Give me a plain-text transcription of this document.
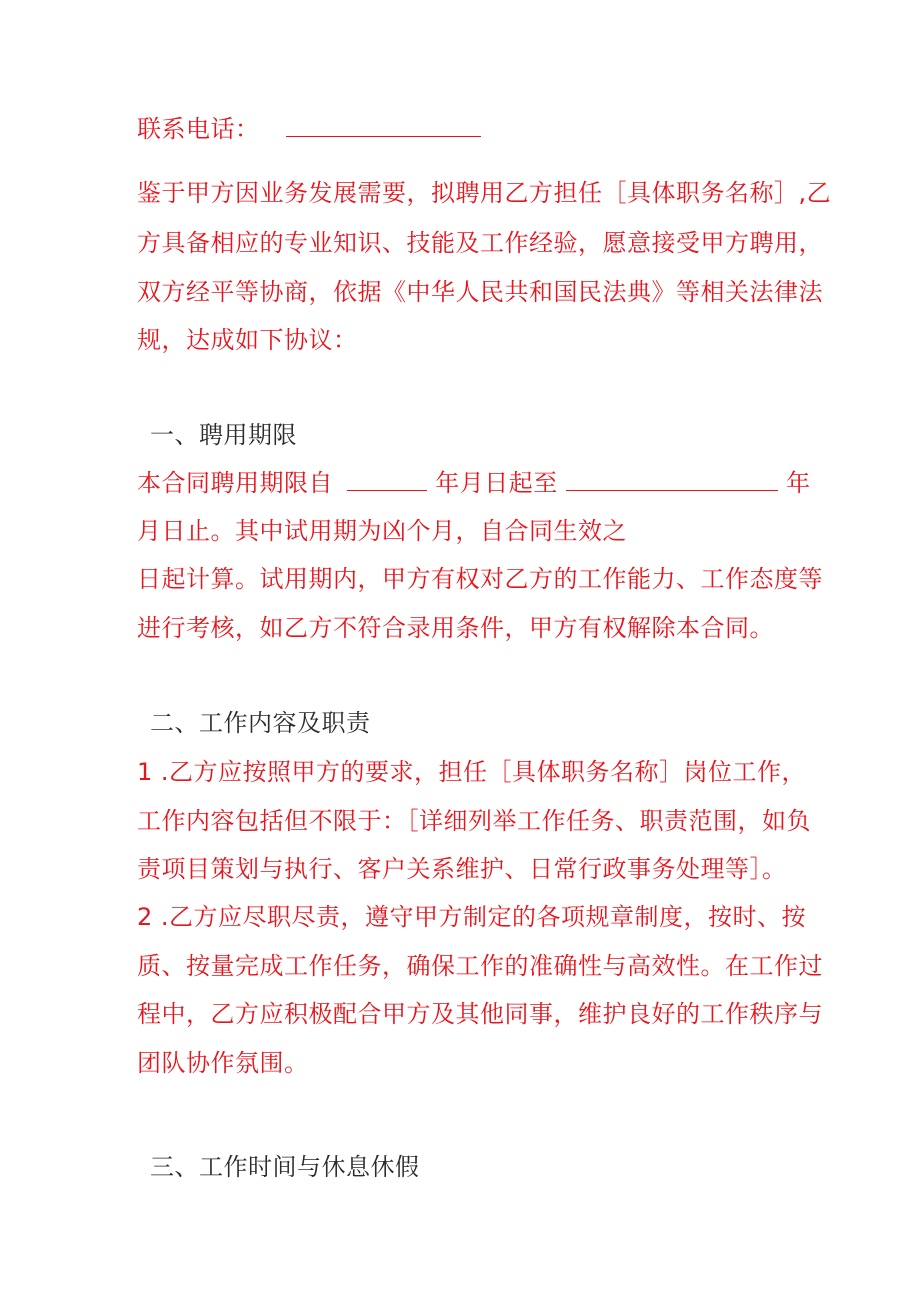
联系电话：
鉴于甲方因业务发展需要，拟聘用乙方担任［具体职务名称］,乙
方具备相应的专业知识、技能及工作经验，愿意接受甲方聘用，
双方经平等协商，依据《中华人民共和国民法典》等相关法律法
规，达成如下协议：
一、聘用期限
本合同聘用期限自	年月日起至	年
月日止。其中试用期为凶个月，自合同生效之
日起计算。试用期内，甲方有权对乙方的工作能力、工作态度等
进行考核，如乙方不符合录用条件，甲方有权解除本合同。
二、工作内容及职责
1 .乙方应按照甲方的要求，担任［具体职务名称］岗位工作，
工作内容包括但不限于：［详细列举工作任务、职责范围，如负
责项目策划与执行、客户关系维护、日常行政事务处理等］。
2 .乙方应尽职尽责，遵守甲方制定的各项规章制度，按时、按
质、按量完成工作任务，确保工作的准确性与高效性。在工作过
程中，乙方应积极配合甲方及其他同事，维护良好的工作秩序与
团队协作氛围。
三、工作时间与休息休假
